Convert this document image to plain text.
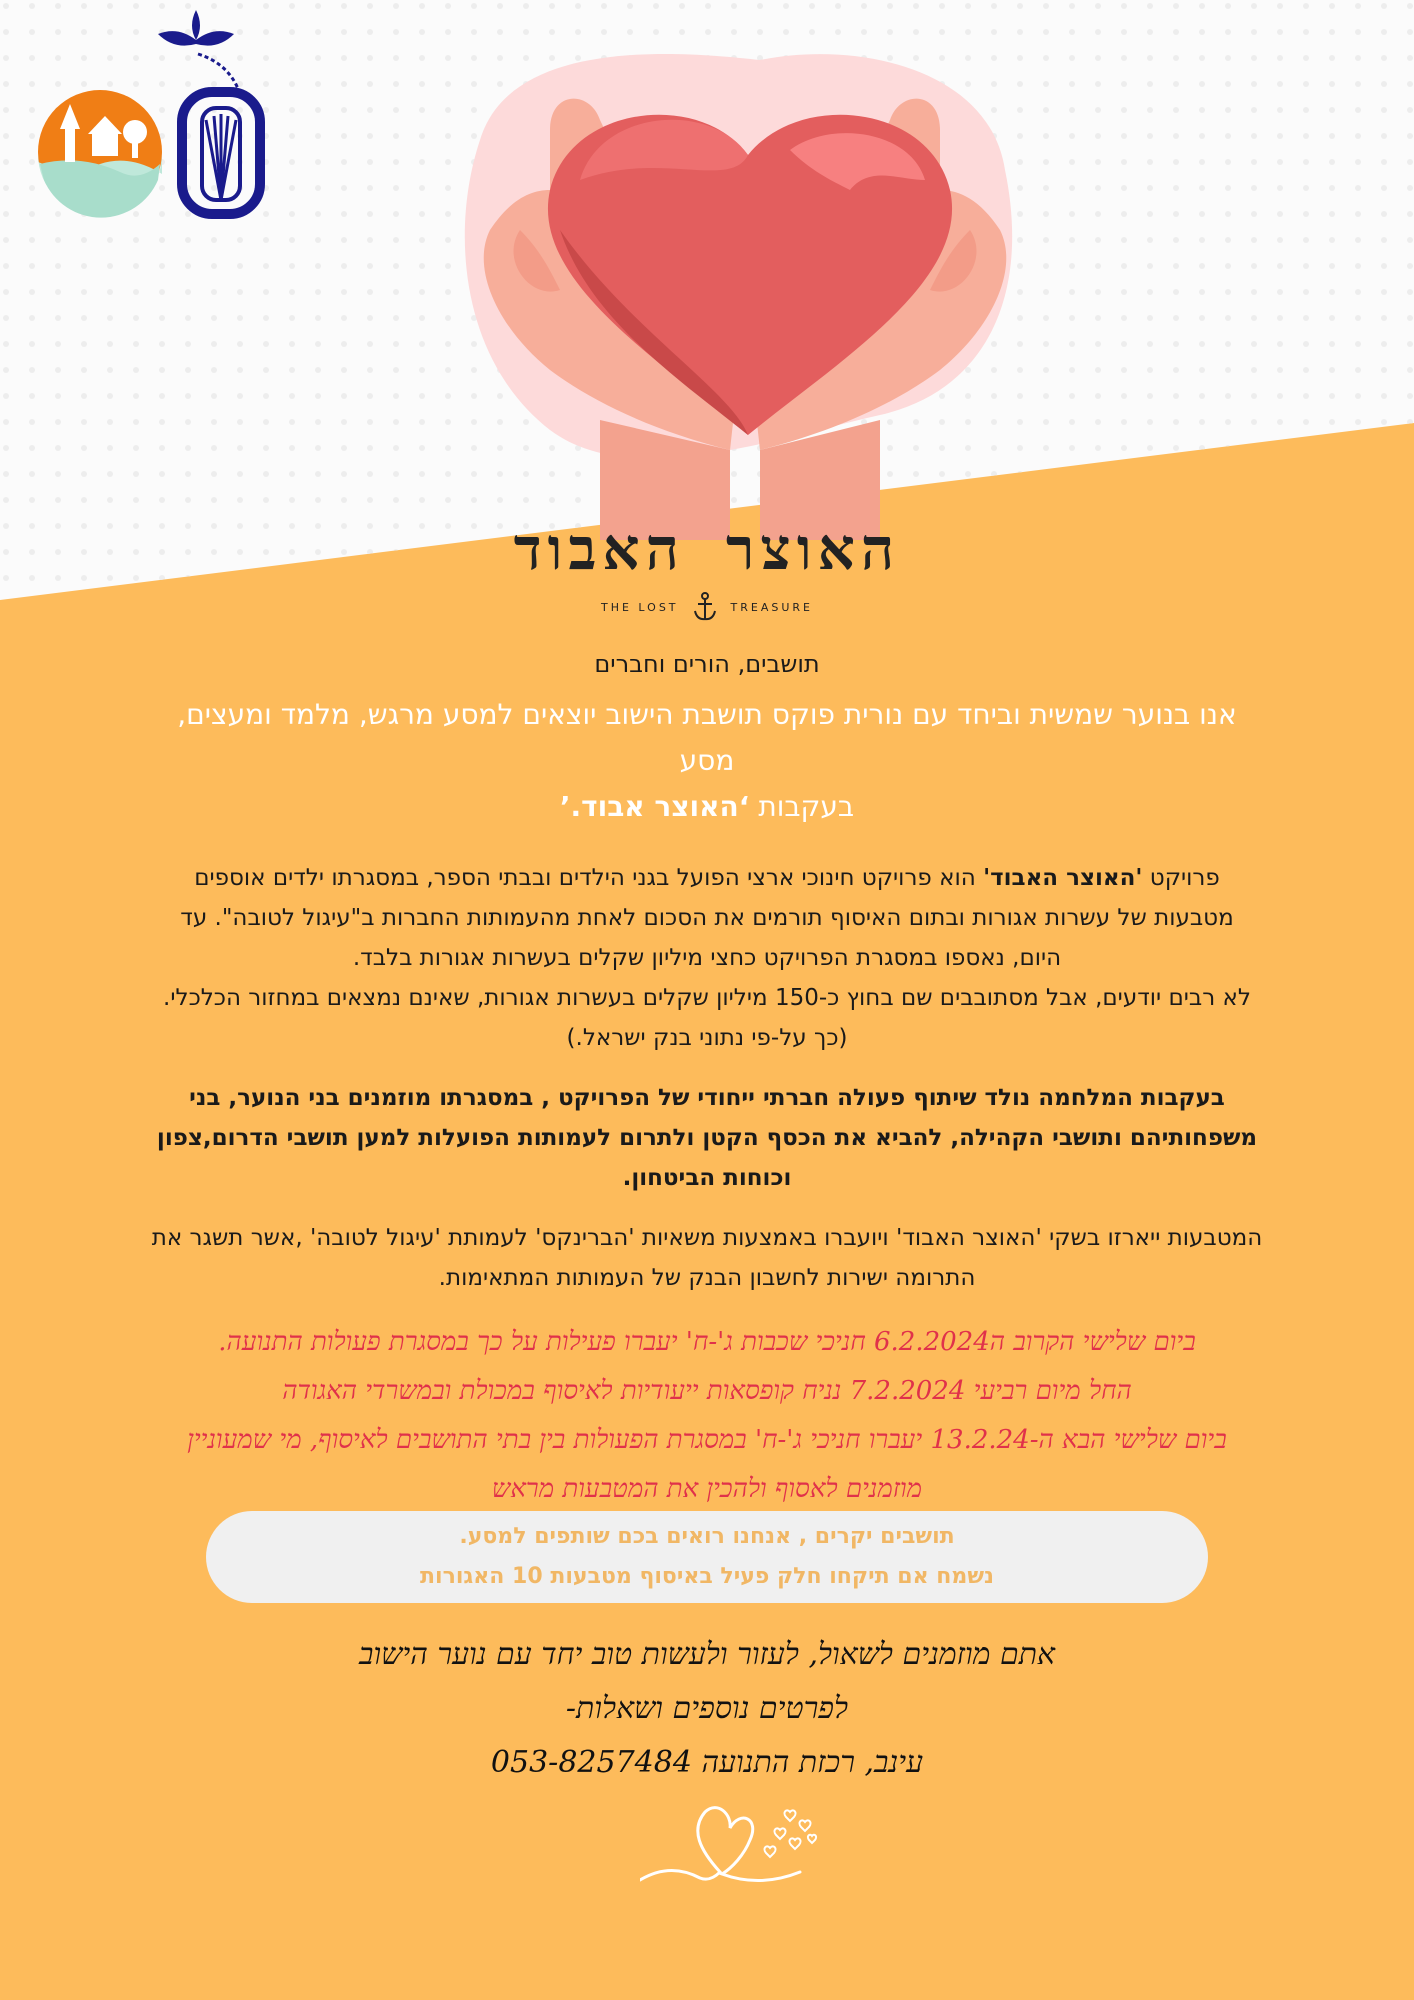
האוצר האבוד
THE LOST	TREASURE

תושבים, הורים וחברים

אנו בנוער שמשית וביחד עם נורית פוקס תושבת הישוב יוצאים למסע מרגש, מלמד ומעצים, מסע
בעקבות ‘האוצר אבוד.’

פרויקט 'האוצר האבוד' הוא פרויקט חינוכי ארצי הפועל בגני הילדים ובבתי הספר, במסגרתו ילדים אוספים
מטבעות של עשרות אגורות ובתום האיסוף תורמים את הסכום לאחת מהעמותות החברות ב"עיגול לטובה". עד
היום, נאספו במסגרת הפרויקט כחצי מיליון שקלים בעשרות אגורות בלבד.
לא רבים יודעים, אבל מסתובבים שם בחוץ כ-150 מיליון שקלים בעשרות אגורות, שאינם נמצאים במחזור הכלכלי.
(כך על-פי נתוני בנק ישראל.)

בעקבות המלחמה נולד שיתוף פעולה חברתי ייחודי של הפרויקט , במסגרתו מוזמנים בני הנוער, בני
משפחותיהם ותושבי הקהילה, להביא את הכסף הקטן ולתרום לעמותות הפועלות למען תושבי הדרום,צפון
וכוחות הביטחון.

המטבעות ייארזו בשקי 'האוצר האבוד' ויועברו באמצעות משאיות 'הברינקס' לעמותת 'עיגול לטובה' ,אשר תשגר את
התרומה ישירות לחשבון הבנק של העמותות המתאימות.

ביום שלישי הקרוב ה6.2.2024 חניכי שכבות ג'-ח' יעברו פעילות על כך במסגרת פעולות התנועה.
החל מיום רביעי 7.2.2024 נניח קופסאות ייעודיות לאיסוף במכולת ובמשרדי האגודה
ביום שלישי הבא ה-13.2.24 יעברו חניכי ג'-ח' במסגרת הפעולות בין בתי התושבים לאיסוף, מי שמעוניין
מוזמנים לאסוף ולהכין את המטבעות מראש

תושבים יקרים , אנחנו רואים בכם שותפים למסע.
נשמח אם תיקחו חלק פעיל באיסוף מטבעות 10 האגורות
אתם מוזמנים לשאול, לעזור ולעשות טוב יחד עם נוער הישוב
לפרטים נוספים ושאלות-
עינב, רכזת התנועה 053-8257484
